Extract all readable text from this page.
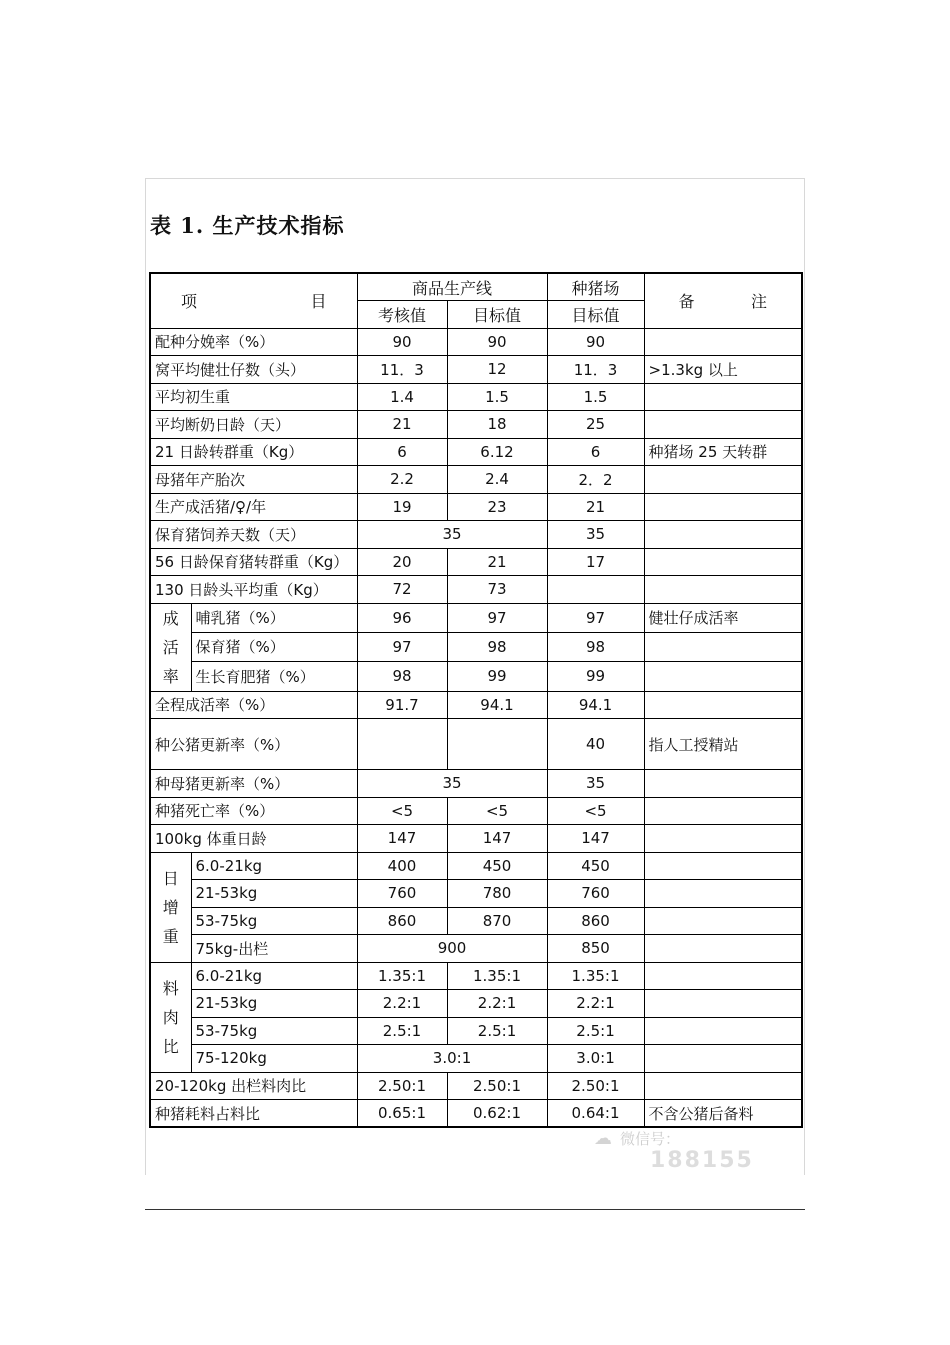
表 1. 生产技术指标
项 目		商品生产线		种猪场	备 注

		考核值	目标值	目标值	
配种分娩率（%）		90	90	90	
窝平均健壮仔数（头）		11．3	12	11．3	>1.3kg 以上
平均初生重		1.4	1.5	1.5	
平均断奶日龄（天）		21	18	25	
21 日龄转群重（Kg）		6	6.12	6	种猪场 25 天转群
母猪年产胎次		2.2	2.4	2．2	
生产成活猪/♀/年		19	23	21	
保育猪饲养天数（天）		35		35	
56 日龄保育猪转群重（Kg）		20	21	17	
130 日龄头平均重（Kg）		72	73		

成
活
率	哺乳猪（%）	96	97	97	健壮仔成活率
	保育猪（%）	97	98	98	
	生长育肥猪（%）	98	99	99	
全程成活率（%）		91.7	94.1	94.1	
种公猪更新率（%）				40	指人工授精站
种母猪更新率（%）		35		35	
种猪死亡率（%）		<5	<5	<5	
100kg 体重日龄		147	147	147	

日
增
重	6.0-21kg	400	450	450	
	21-53kg	760	780	760	
	53-75kg	860	870	860	
	75kg-出栏	900		850	

料
肉
比	6.0-21kg	1.35:1	1.35:1	1.35:1	
	21-53kg	2.2:1	2.2:1	2.2:1	
	53-75kg	2.5:1	2.5:1	2.5:1	
	75-120kg	3.0:1		3.0:1	
20-120kg 出栏料肉比		2.50:1	2.50:1	2.50:1	
种猪耗料占料比		0.65:1	0.62:1	0.64:1	不含公猪后备料
☁ 微信号：
188155
